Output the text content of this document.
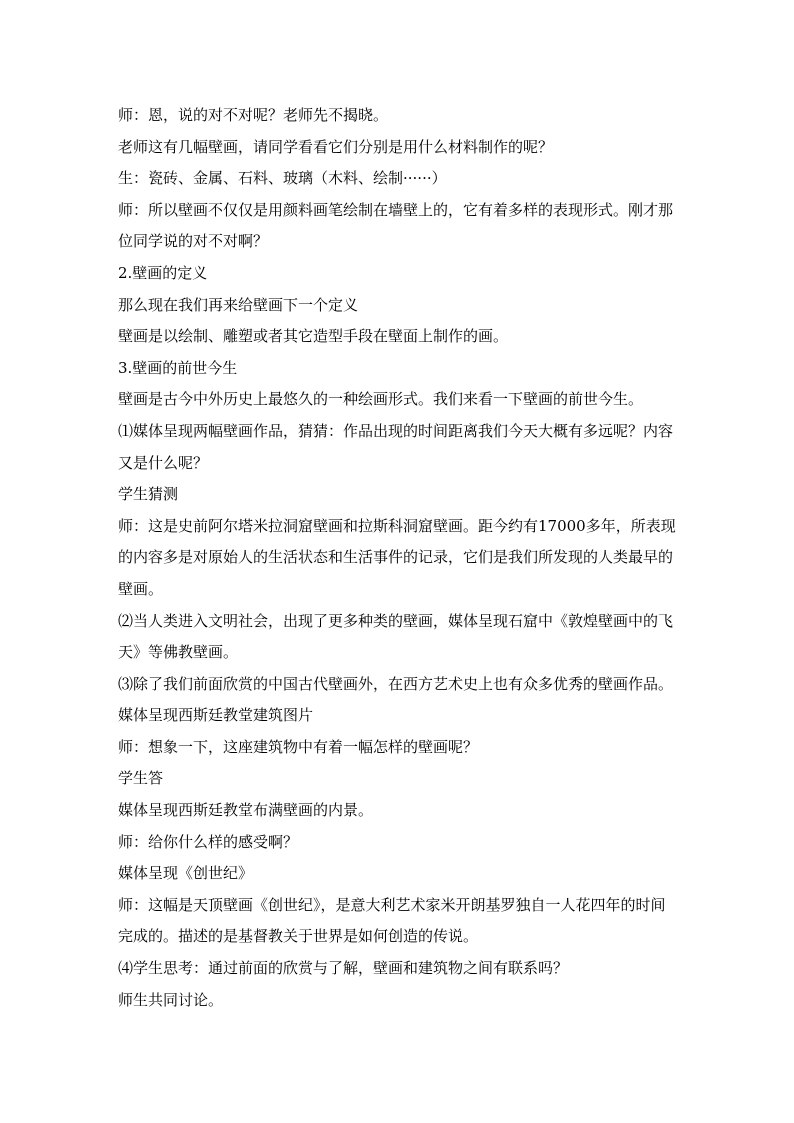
师：恩，说的对不对呢？老师先不揭晓。
老师这有几幅壁画，请同学看看它们分别是用什么材料制作的呢？
生：瓷砖、金属、石料、玻璃（木料、绘制······）
师：所以壁画不仅仅是用颜料画笔绘制在墙壁上的，它有着多样的表现形式。刚才那
位同学说的对不对啊？
2.壁画的定义
那么现在我们再来给壁画下一个定义
壁画是以绘制、雕塑或者其它造型手段在壁面上制作的画。
3.壁画的前世今生
壁画是古今中外历史上最悠久的一种绘画形式。我们来看一下壁画的前世今生。
⑴媒体呈现两幅壁画作品，猜猜：作品出现的时间距离我们今天大概有多远呢？内容
又是什么呢？
学生猜测
师：这是史前阿尔塔米拉洞窟壁画和拉斯科洞窟壁画。距今约有17000多年，所表现
的内容多是对原始人的生活状态和生活事件的记录，它们是我们所发现的人类最早的
壁画。
⑵当人类进入文明社会，出现了更多种类的壁画，媒体呈现石窟中《敦煌壁画中的飞
天》等佛教壁画。
⑶除了我们前面欣赏的中国古代壁画外，在西方艺术史上也有众多优秀的壁画作品。
媒体呈现西斯廷教堂建筑图片
师：想象一下，这座建筑物中有着一幅怎样的壁画呢？
学生答
媒体呈现西斯廷教堂布满壁画的内景。
师：给你什么样的感受啊？
媒体呈现《创世纪》
师：这幅是天顶壁画《创世纪》，是意大利艺术家米开朗基罗独自一人花四年的时间
完成的。描述的是基督教关于世界是如何创造的传说。
⑷学生思考：通过前面的欣赏与了解，壁画和建筑物之间有联系吗？
师生共同讨论。
